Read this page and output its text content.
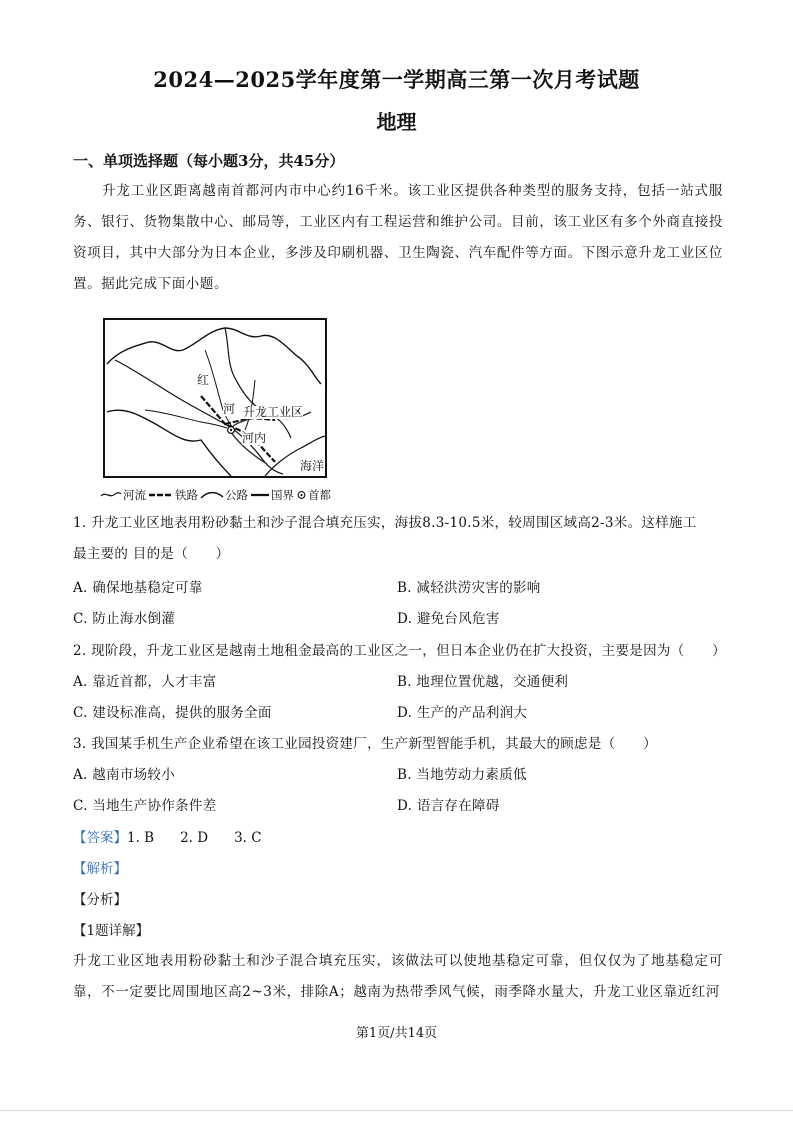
2024—2025学年度第一学期高三第一次月考试题
地理
一、单项选择题（每小题3分，共45分）
升龙工业区距离越南首都河内市中心约16千米。该工业区提供各种类型的服务支持，包括一站式服务、银行、货物集散中心、邮局等，工业区内有工程运营和维护公司。目前，该工业区有多个外商直接投资项目，其中大部分为日本企业，多涉及印刷机器、卫生陶瓷、汽车配件等方面。下图示意升龙工业区位置。据此完成下面小题。
红
河 升龙工业区
河内
海洋
河流	铁路 公路 国界 首都
1. 升龙工业区地表用粉砂黏土和沙子混合填充压实，海拔8.3-10.5米，较周围区域高2-3米。这样施工
最主要的 目的是（　　）
A. 确保地基稳定可靠	B. 减轻洪涝灾害的影响
C. 防止海水倒灌	D. 避免台风危害
2. 现阶段，升龙工业区是越南土地租金最高的工业区之一，但日本企业仍在扩大投资，主要是因为（　　）
A. 靠近首都，人才丰富	B. 地理位置优越，交通便利
C. 建设标准高，提供的服务全面	D. 生产的产品利润大
3. 我国某手机生产企业希望在该工业园投资建厂，生产新型智能手机，其最大的顾虑是（　　）
A. 越南市场较小	B. 当地劳动力素质低
C. 当地生产协作条件差	D. 语言存在障碍
【答案】1. B 2. D 3. C
【解析】
【分析】
【1题详解】
升龙工业区地表用粉砂黏土和沙子混合填充压实，该做法可以使地基稳定可靠，但仅仅为了地基稳定可靠，不一定要比周围地区高2~3米，排除A；越南为热带季风气候，雨季降水量大，升龙工业区靠近红河
第1页/共14页
